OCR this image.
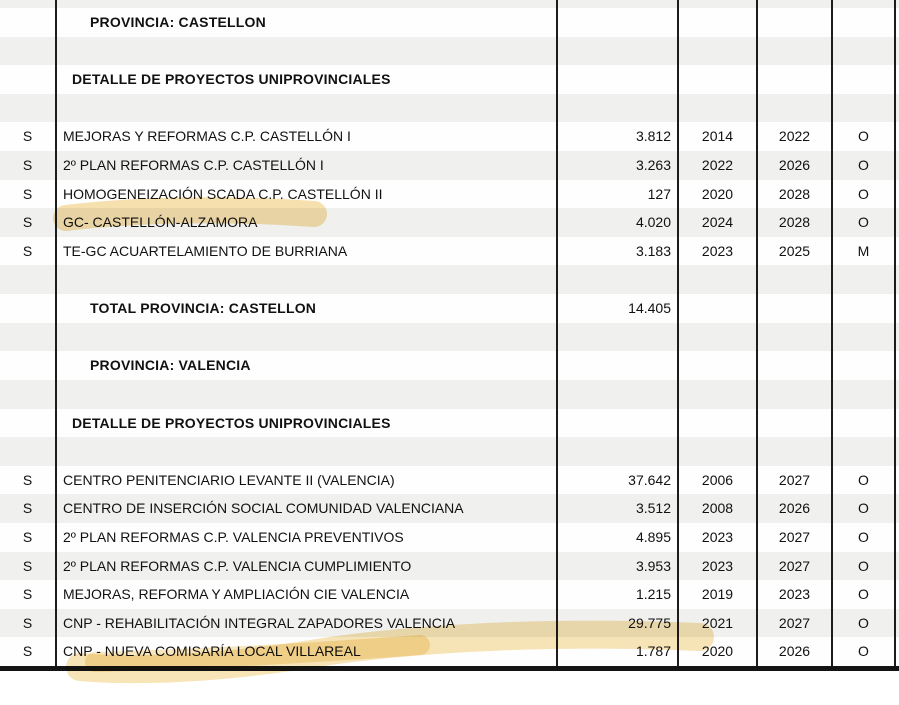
PROVINCIA: CASTELLON
DETALLE DE PROYECTOS UNIPROVINCIALES
S	MEJORAS Y REFORMAS C.P. CASTELLÓN I	3.812	2014	2022	O
S	2º PLAN REFORMAS C.P. CASTELLÓN I	3.263	2022	2026	O
S	HOMOGENEIZACIÓN SCADA C.P. CASTELLÓN II	127	2020	2028	O
S	GC- CASTELLÓN-ALZAMORA	4.020	2024	2028	O
S	TE-GC ACUARTELAMIENTO DE BURRIANA	3.183	2023	2025	M
TOTAL PROVINCIA: CASTELLON	14.405
PROVINCIA: VALENCIA
DETALLE DE PROYECTOS UNIPROVINCIALES
S	CENTRO PENITENCIARIO LEVANTE II (VALENCIA)	37.642	2006	2027	O
S	CENTRO DE INSERCIÓN SOCIAL COMUNIDAD VALENCIANA	3.512	2008	2026	O
S	2º PLAN REFORMAS C.P. VALENCIA PREVENTIVOS	4.895	2023	2027	O
S	2º PLAN REFORMAS C.P. VALENCIA CUMPLIMIENTO	3.953	2023	2027	O
S	MEJORAS, REFORMA Y AMPLIACIÓN CIE VALENCIA	1.215	2019	2023	O
S	CNP - REHABILITACIÓN INTEGRAL ZAPADORES VALENCIA	29.775	2021	2027	O
S	CNP - NUEVA COMISARÍA LOCAL VILLAREAL	1.787	2020	2026	O
